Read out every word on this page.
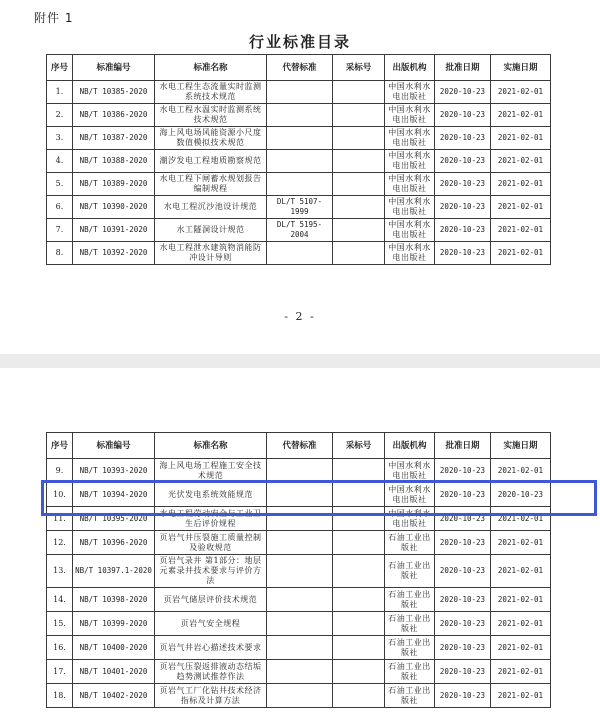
附件 1
行业标准目录
序号	标准编号	标准名称	代替标准	采标号	出版机构	批准日期	实施日期
1.	NB/T 10385-2020	水电工程生态流量实时监测系统技术规范			中国水利水电出版社	2020-10-23	2021-02-01
2.	NB/T 10386-2020	水电工程水温实时监测系统技术规范			中国水利水电出版社	2020-10-23	2021-02-01
3.	NB/T 10387-2020	海上风电场风能资源小尺度数值模拟技术规范			中国水利水电出版社	2020-10-23	2021-02-01
4.	NB/T 10388-2020	潮汐发电工程地质勘察规范			中国水利水电出版社	2020-10-23	2021-02-01
5.	NB/T 10389-2020	水电工程下闸蓄水规划报告编制规程			中国水利水电出版社	2020-10-23	2021-02-01
6.	NB/T 10390-2020	水电工程沉沙池设计规范	DL/T 5107-1999		中国水利水电出版社	2020-10-23	2021-02-01
7.	NB/T 10391-2020	水工隧洞设计规范	DL/T 5195-2004		中国水利水电出版社	2020-10-23	2021-02-01
8.	NB/T 10392-2020	水电工程泄水建筑物消能防冲设计导则			中国水利水电出版社	2020-10-23	2021-02-01
- 2 -
序号	标准编号	标准名称	代替标准	采标号	出版机构	批准日期	实施日期
9.	NB/T 10393-2020	海上风电场工程施工安全技术规范			中国水利水电出版社	2020-10-23	2021-02-01
10.	NB/T 10394-2020	光伏发电系统效能规范			中国水利水电出版社	2020-10-23	2020-10-23
11.	NB/T 10395-2020	水电工程劳动安全与工业卫生后评价规程			中国水利水电出版社	2020-10-23	2021-02-01
12.	NB/T 10396-2020	页岩气井压裂施工质量控制及验收规范			石油工业出版社	2020-10-23	2021-02-01
13.	NB/T 10397.1-2020	页岩气录井 第1部分：地层元素录井技术要求与评价方法			石油工业出版社	2020-10-23	2021-02-01
14.	NB/T 10398-2020	页岩气储层评价技术规范			石油工业出版社	2020-10-23	2021-02-01
15.	NB/T 10399-2020	页岩气安全规程			石油工业出版社	2020-10-23	2021-02-01
16.	NB/T 10400-2020	页岩气井岩心描述技术要求			石油工业出版社	2020-10-23	2021-02-01
17.	NB/T 10401-2020	页岩气压裂返排液动态结垢趋势测试推荐作法			石油工业出版社	2020-10-23	2021-02-01
18.	NB/T 10402-2020	页岩气工厂化钻井技术经济指标及计算方法			石油工业出版社	2020-10-23	2021-02-01
